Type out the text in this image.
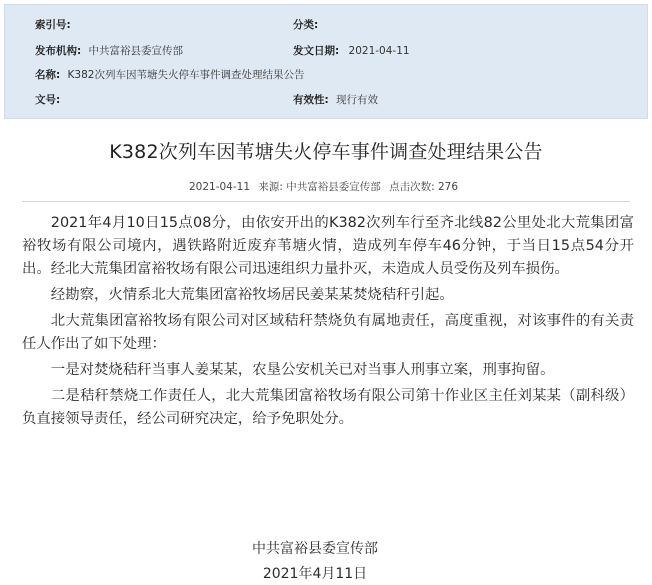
索引号:	分类:
发布机构: 中共富裕县委宣传部	发文日期: 2021-04-11
名称: K382次列车因苇塘失火停车事件调查处理结果公告
文号:	有效性: 现行有效
K382次列车因苇塘失火停车事件调查处理结果公告
2021-04-11 来源: 中共富裕县委宣传部 点击次数: 276

2021年4月10日15点08分，由依安开出的K382次列车行至齐北线82公里处北大荒集团富裕牧场有限公司境内，遇铁路附近废弃苇塘火情，造成列车停车46分钟，于当日15点54分开出。经北大荒集团富裕牧场有限公司迅速组织力量扑灭，未造成人员受伤及列车损伤。

经勘察，火情系北大荒集团富裕牧场居民姜某某焚烧秸秆引起。

北大荒集团富裕牧场有限公司对区域秸秆禁烧负有属地责任，高度重视，对该事件的有关责任人作出了如下处理：

一是对焚烧秸秆当事人姜某某，农垦公安机关已对当事人刑事立案，刑事拘留。

二是秸秆禁烧工作责任人，北大荒集团富裕牧场有限公司第十作业区主任刘某某（副科级）负直接领导责任，经公司研究决定，给予免职处分。

中共富裕县委宣传部
2021年4月11日
